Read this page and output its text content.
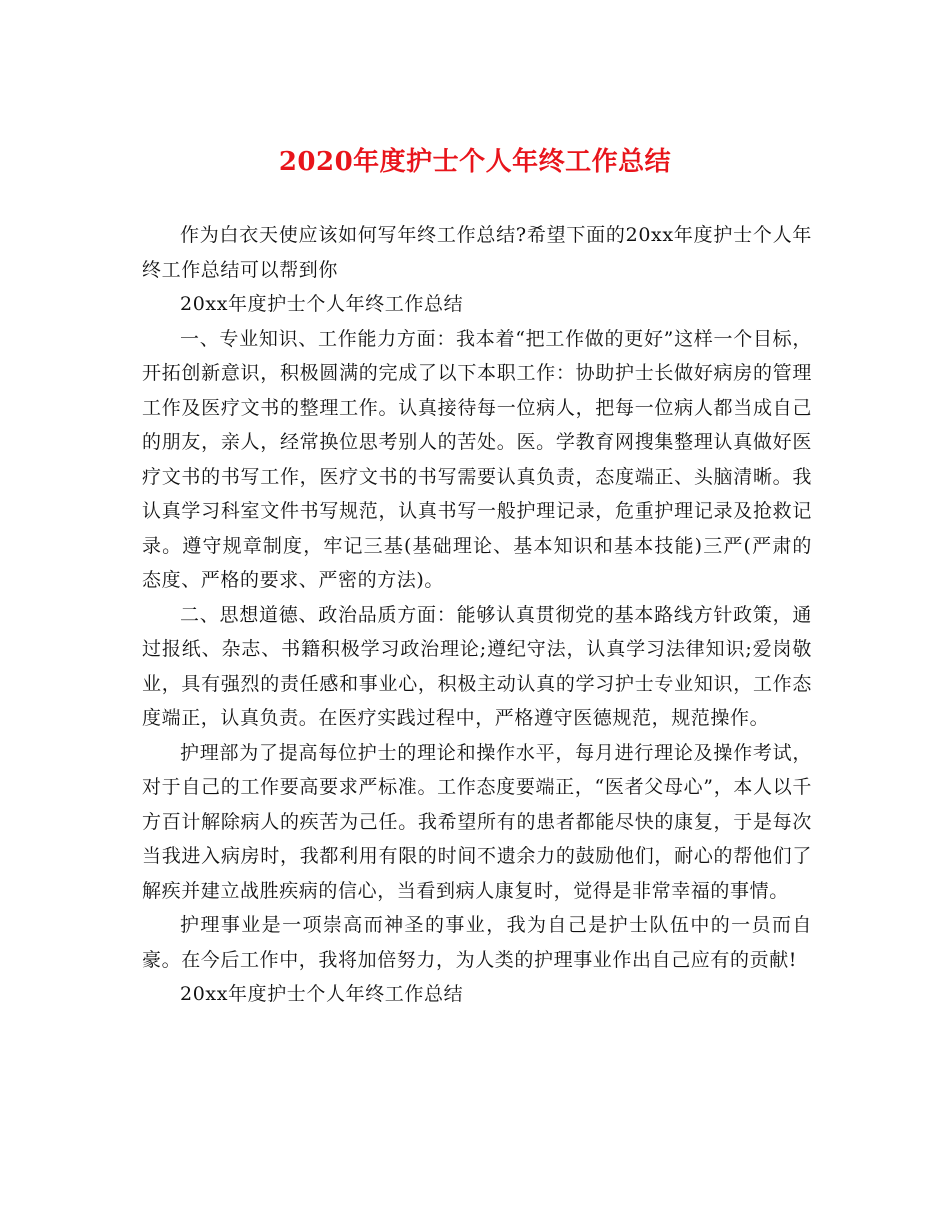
2020年度护士个人年终工作总结

作为白衣天使应该如何写年终工作总结?希望下面的20xx年度护士个人年终工作总结可以帮到你

20xx年度护士个人年终工作总结

一、专业知识、工作能力方面：我本着“把工作做的更好”这样一个目标，开拓创新意识，积极圆满的完成了以下本职工作：协助护士长做好病房的管理工作及医疗文书的整理工作。认真接待每一位病人，把每一位病人都当成自己的朋友，亲人，经常换位思考别人的苦处。医。学教育网搜集整理认真做好医疗文书的书写工作，医疗文书的书写需要认真负责，态度端正、头脑清晰。我认真学习科室文件书写规范，认真书写一般护理记录，危重护理记录及抢救记录。遵守规章制度，牢记三基(基础理论、基本知识和基本技能)三严(严肃的态度、严格的要求、严密的方法)。

二、思想道德、政治品质方面：能够认真贯彻党的基本路线方针政策，通过报纸、杂志、书籍积极学习政治理论;遵纪守法，认真学习法律知识;爱岗敬业，具有强烈的责任感和事业心，积极主动认真的学习护士专业知识，工作态度端正，认真负责。在医疗实践过程中，严格遵守医德规范，规范操作。

护理部为了提高每位护士的理论和操作水平，每月进行理论及操作考试，对于自己的工作要高要求严标准。工作态度要端正，“医者父母心”，本人以千方百计解除病人的疾苦为己任。我希望所有的患者都能尽快的康复，于是每次当我进入病房时，我都利用有限的时间不遗余力的鼓励他们，耐心的帮他们了解疾并建立战胜疾病的信心，当看到病人康复时，觉得是非常幸福的事情。

护理事业是一项崇高而神圣的事业，我为自己是护士队伍中的一员而自豪。在今后工作中，我将加倍努力，为人类的护理事业作出自己应有的贡献!

20xx年度护士个人年终工作总结
